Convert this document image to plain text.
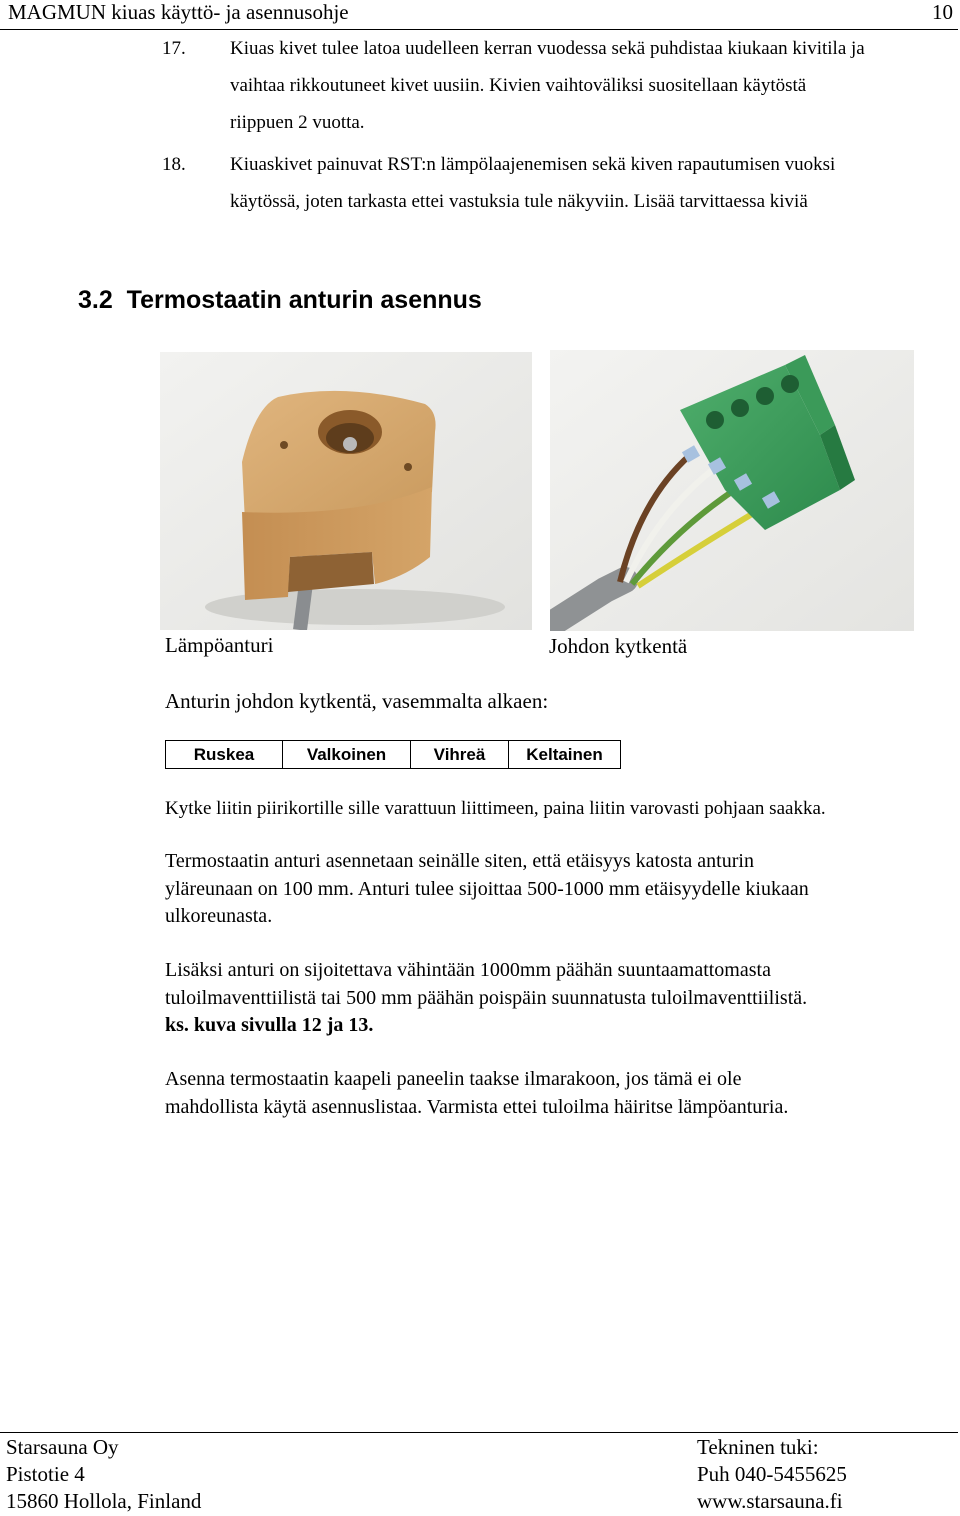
MAGMUN kiuas käyttö- ja asennusohje	10
17. Kiuas kivet tulee latoa uudelleen kerran vuodessa sekä puhdistaa kiukaan kivitila ja
vaihtaa rikkoutuneet kivet uusiin. Kivien vaihtoväliksi suositellaan käytöstä
riippuen 2 vuotta.
18. Kiuaskivet painuvat RST:n lämpölaajenemisen sekä kiven rapautumisen vuoksi
käytössä, joten tarkasta ettei vastuksia tule näkyviin. Lisää tarvittaessa kiviä
3.2 Termostaatin anturin asennus
Lämpöanturi	Johdon kytkentä
Anturin johdon kytkentä, vasemmalta alkaen:
Ruskea	Valkoinen	Vihreä	Keltainen
Kytke liitin piirikortille sille varattuun liittimeen, paina liitin varovasti pohjaan saakka.
Termostaatin anturi asennetaan seinälle siten, että etäisyys katosta anturin
yläreunaan on 100 mm. Anturi tulee sijoittaa 500-1000 mm etäisyydelle kiukaan
ulkoreunasta.
Lisäksi anturi on sijoitettava vähintään 1000mm päähän suuntaamattomasta
tuloilmaventtiilistä tai 500 mm päähän poispäin suunnatusta tuloilmaventtiilistä.
ks. kuva sivulla 12 ja 13.
Asenna termostaatin kaapeli paneelin taakse ilmarakoon, jos tämä ei ole
mahdollista käytä asennuslistaa. Varmista ettei tuloilma häiritse lämpöanturia.
Starsauna Oy
Pistotie 4
15860 Hollola, Finland
Tekninen tuki:
Puh 040-5455625
www.starsauna.fi
